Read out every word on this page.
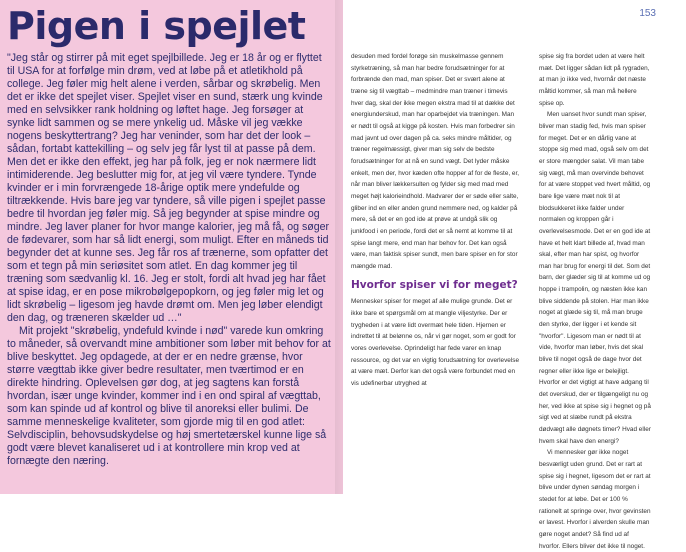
Pigen i spejlet

"Jeg står og stirrer på mit eget spejlbillede. Jeg er 18 år og er flyttet til USA for at forfølge min drøm, ved at løbe på et atletikhold på college. Jeg føler mig helt alene i verden, sårbar og skrøbelig. Men det er ikke det spejlet viser. Spejlet viser en sund, stærk ung kvinde med en selvsikker rank holdning og løftet hage. Jeg forsøger at synke lidt sammen og se mere ynkelig ud. Måske vil jeg vække nogens beskyttertrang? Jeg har veninder, som har det der look – sådan, fortabt kattekilling – og selv jeg får lyst til at passe på dem. Men det er ikke den effekt, jeg har på folk, jeg er nok nærmere lidt intimiderende. Jeg beslutter mig for, at jeg vil være tyndere. Tynde kvinder er i min forvrængede 18-årige optik mere yndefulde og tiltrækkende. Hvis bare jeg var tyndere, så ville pigen i spejlet passe bedre til hvordan jeg føler mig. Så jeg begynder at spise mindre og mindre. Jeg laver planer for hvor mange kalorier, jeg må få, og søger de fødevarer, som har så lidt energi, som muligt. Efter en måneds tid begynder det at kunne ses. Jeg får ros af trænerne, som opfatter det som et tegn på min seriøsitet som atlet. En dag kommer jeg til træning som sædvanlig kl. 16. Jeg er stolt, fordi alt hvad jeg har fået at spise idag, er en pose mikrobølgepopkorn, og jeg føler mig let og lidt skrøbelig – ligesom jeg havde drømt om. Men jeg løber elendigt den dag, og træneren skælder ud …"

Mit projekt "skrøbelig, yndefuld kvinde i nød" varede kun omkring to måneder, så overvandt mine ambitioner som løber mit behov for at blive beskyttet. Jeg opdagede, at der er en nedre grænse, hvor større vægttab ikke giver bedre resultater, men tværtimod er en direkte hindring. Oplevelsen gør dog, at jeg sagtens kan forstå hvordan, især unge kvinder, kommer ind i en ond spiral af vægttab, som kan spinde ud af kontrol og blive til anoreksi eller bulimi. De samme menneskelige kvaliteter, som gjorde mig til en god atlet: Selvdisciplin, behovsudskydelse og høj smertetærskel kunne lige så godt være blevet kanaliseret ud i at kontrollere min krop ved at fornægte den næring.

153

desuden med fordel forøge sin muskelmasse gennem styrketræning, så man har bedre forudsætninger for at forbrænde den mad, man spiser. Det er svært alene at træne sig til vægttab – medmindre man træner i timevis hver dag, skal der ikke megen ekstra mad til at dække det energiunderskud, man har oparbejdet via træningen. Man er nødt til også at kigge på kosten. Hvis man forbedrer sin mad javnt ud over dagen på ca. seks mindre måltider, og træner regelmæssigt, giver man sig selv de bedste forudsætninger for at nå en sund vægt. Det lyder måske enkelt, men der, hvor kæden ofte hopper af for de fleste, er, når man bliver lækkersulten og fylder sig med mad med meget højt kalorieindhold. Madvarer der er søde eller salte, gliber ind en eller anden grund nemmere ned, og kalder på mere, så det er en god ide at prøve at undgå slik og junkfood i en periode, fordi det er så nemt at komme til at spise langt mere, end man har behov for. Det kan også være, man faktisk spiser sundt, men bare spiser en for stor mængde mad.

Hvorfor spiser vi for meget?

Mennesker spiser for meget af alle mulige grunde. Det er ikke bare et spørgsmål om at mangle viljestyrke. Der er trygheden i at være lidt overmæt hele tiden. Hjernen er indrettet til at belønne os, når vi gør noget, som er godt for vores overlevelse. Oprindeligt har fede varer en knap ressource, og det var en vigtig forudsætning for overlevelse at være mæt. Derfor kan det også være forbundet med en vis udefinerbar utryghed at

spise sig fra bordet uden at være helt mæt. Det ligger sådan lidt på rygraden, at man jo ikke ved, hvornår det næste måltid kommer, så man må hellere spise op.

Men uanset hvor sundt man spiser, bliver man stadig fed, hvis man spiser for meget. Det er en dårlig vane at stoppe sig med mad, også selv om det er store mængder salat. Vil man tabe sig vægt, må man overvinde behovet for at være stoppet ved hvert måltid, og bare lige være mæt nok til at blodsukkeret ikke falder under normalen og kroppen går i overlevelsesmode. Det er en god ide at have et helt klart billede af, hvad man skal, efter man har spist, og hvorfor man har brug for energi til det. Som det barn, der glæder sig til at komme ud og hoppe i trampolin, og næsten ikke kan blive siddende på stolen. Har man ikke noget at glæde sig til, må man bruge den styrke, der ligger i et kende sit "hvorfor". Ligesom man er nødt til at vide, hvorfor man løber, hvis det skal blive til noget også de dage hvor det regner eller ikke lige er belejligt. Hvorfor er det vigtigt at have adgang til det overskud, der er tilgængeligt nu og her, ved ikke at spise sig i hegnet og på sigt ved at slæbe rundt på ekstra dødvægt alle døgnets timer? Hvad eller hvem skal have den energi?

Vi mennesker gør ikke noget besværligt uden grund. Det er rart at spise sig i hegnet, ligesom det er rart at blive under dynen søndag morgen i stedet for at løbe. Det er 100 % rationelt at springe over, hvor gevinsten er lavest. Hvorfor i alverden skulle man gøre noget andet? Så find ud af hvorfor. Ellers bliver det ikke til noget.
